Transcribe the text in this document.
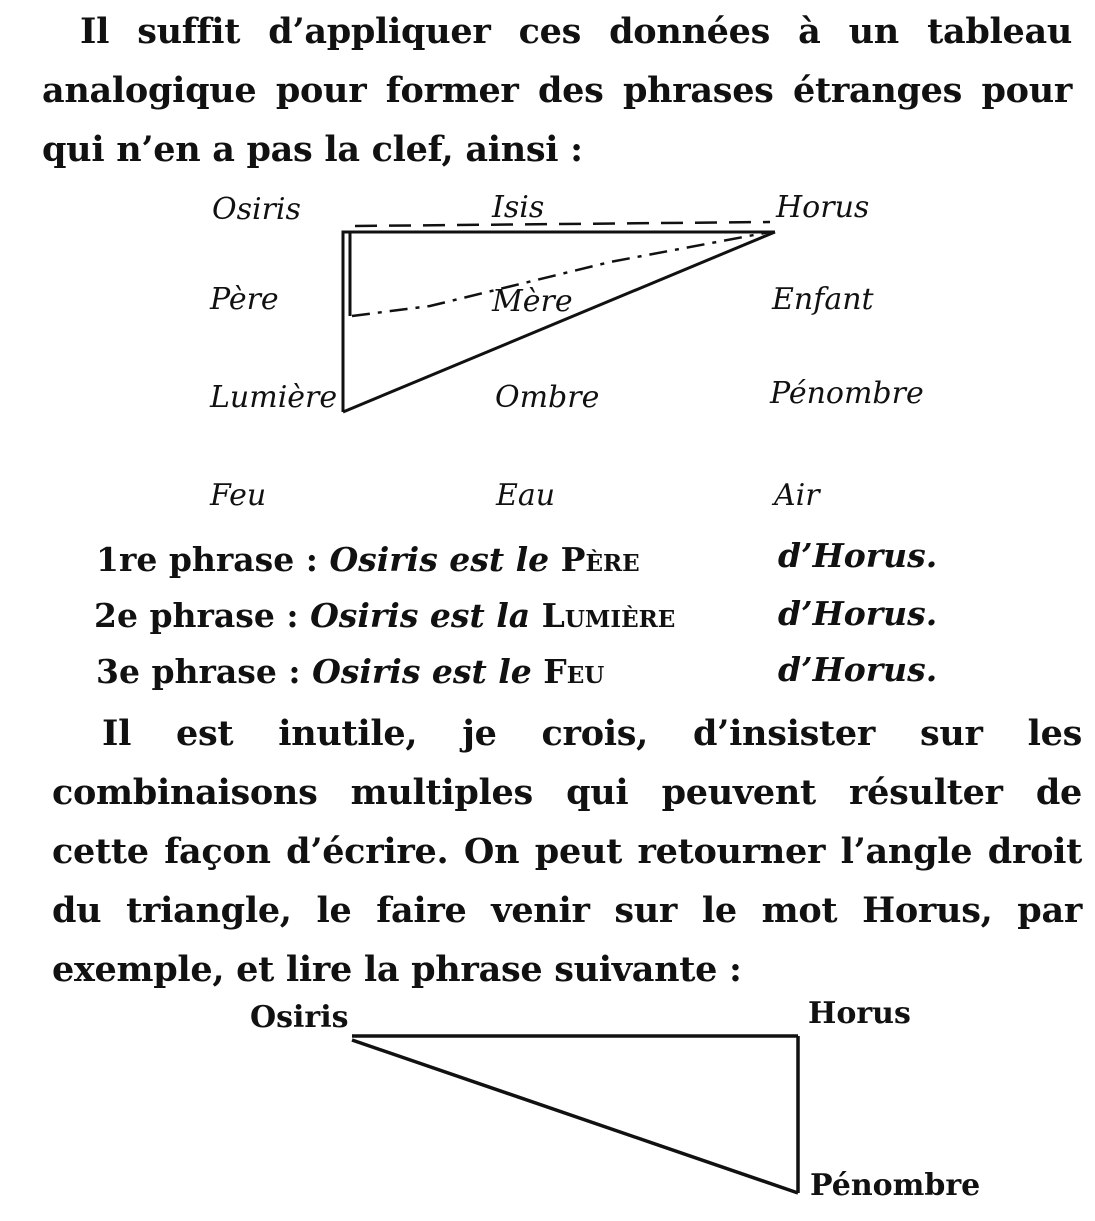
Il suffit d’appliquer ces données à un tableau analogique pour former des phrases étranges pour qui n’en a pas la clef, ainsi :

Osiris	Isis	Horus
Père	Mère	Enfant
Lumière	Ombre	Pénombre
Feu	Eau	Air
1re phrase : Osiris est le Père	d’Horus.
2e phrase : Osiris est la Lumière	d’Horus.
3e phrase : Osiris est le Feu	d’Horus.

Il est inutile, je crois, d’insister sur les combinaisons multiples qui peuvent résulter de cette façon d’écrire. On peut retourner l’angle droit du triangle, le faire venir sur le mot Horus, par exemple, et lire la phrase suivante :

Osiris	Horus
Pénombre
